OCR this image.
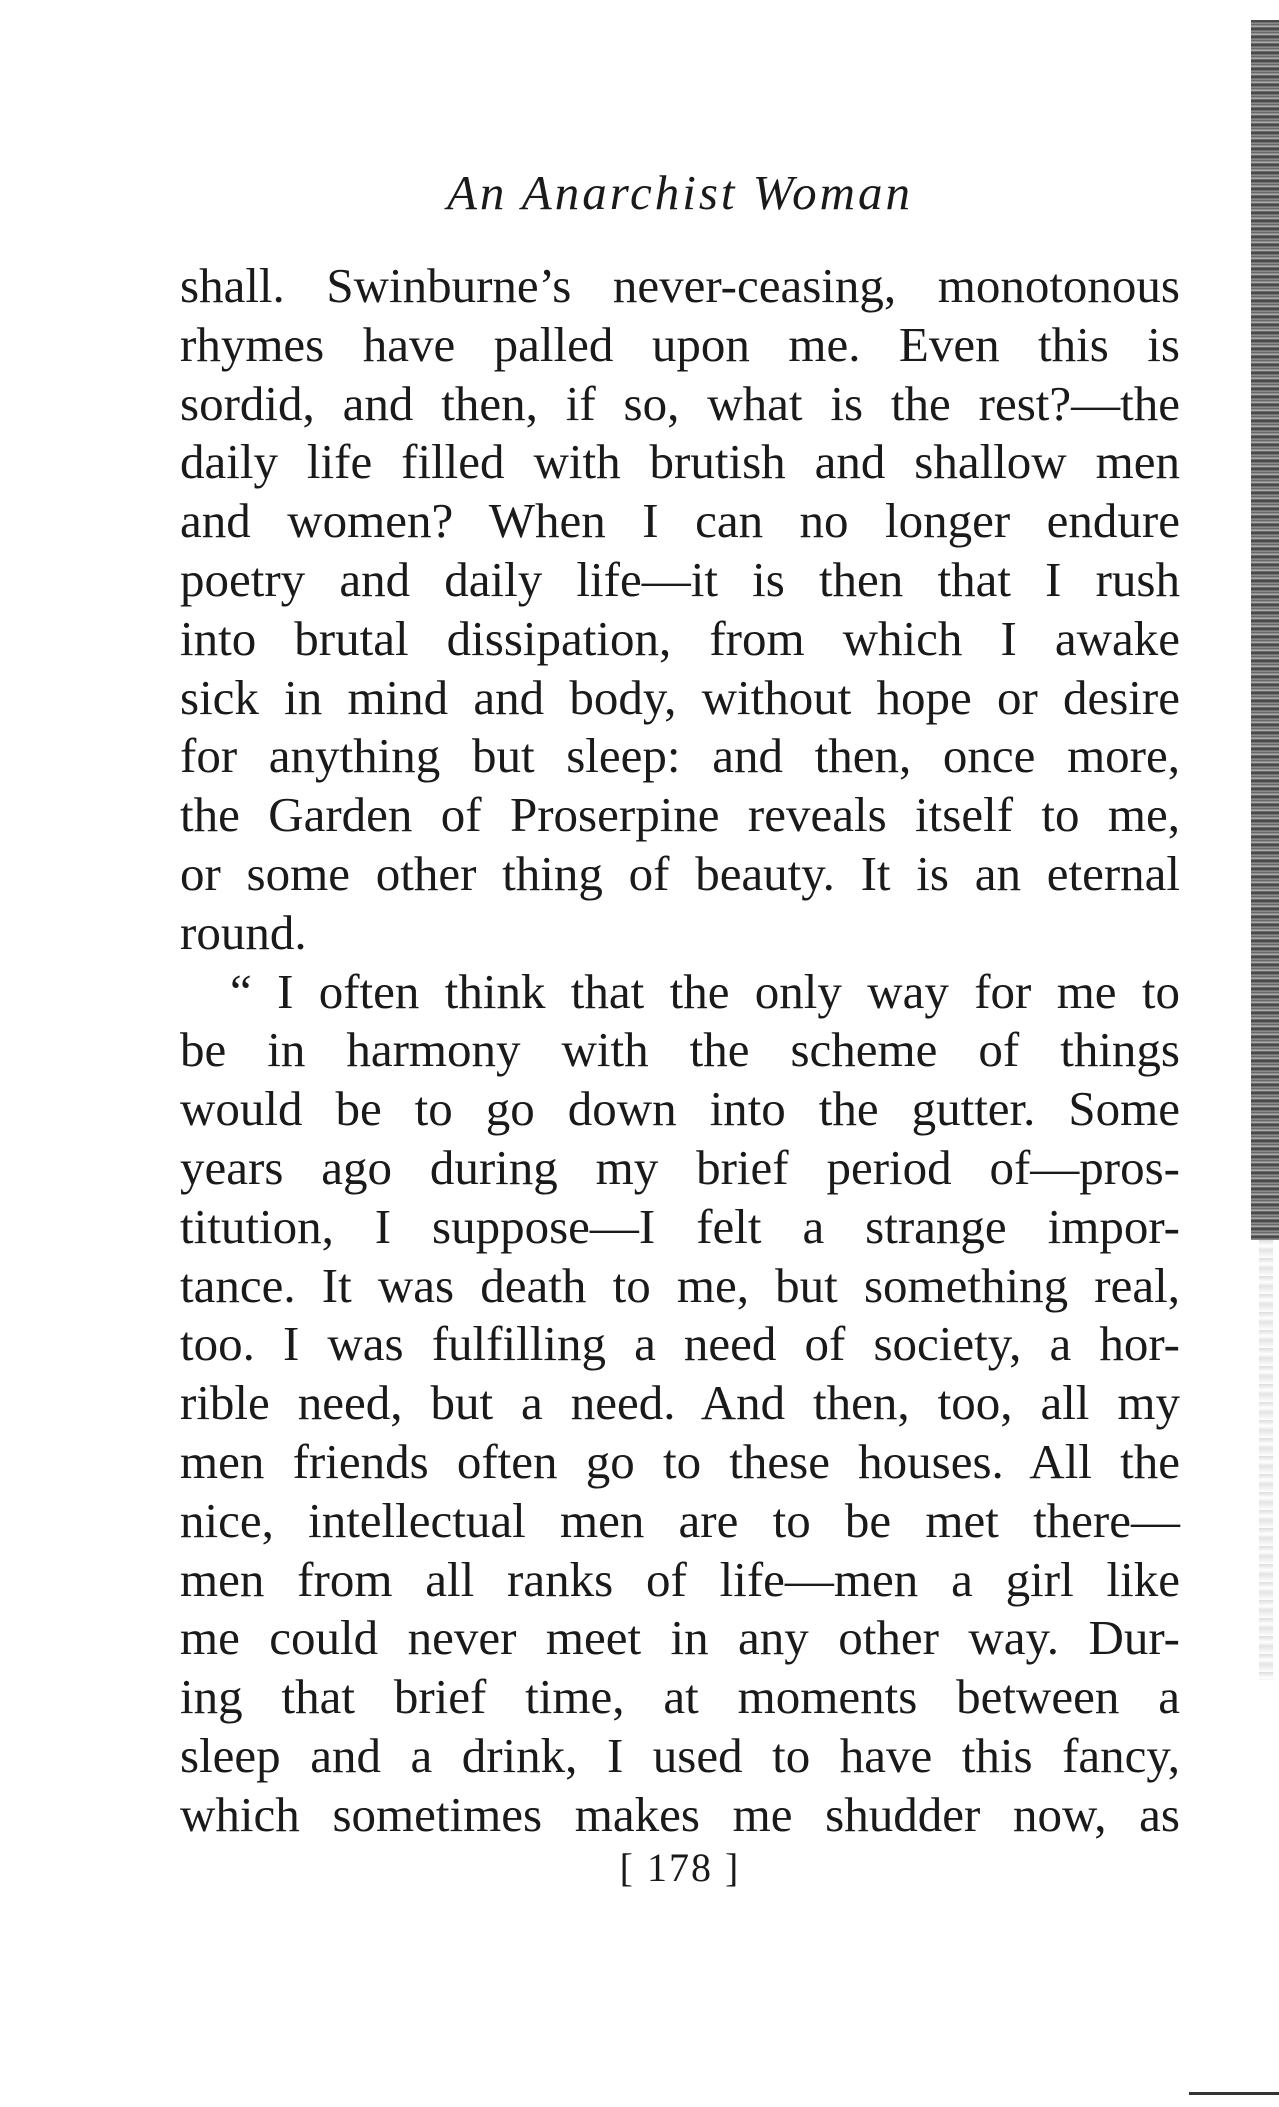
An Anarchist Woman
shall. Swinburne’s never-ceasing, monotonous
rhymes have palled upon me. Even this is
sordid, and then, if so, what is the rest?—the
daily life filled with brutish and shallow men
and women? When I can no longer endure
poetry and daily life—it is then that I rush
into brutal dissipation, from which I awake
sick in mind and body, without hope or desire
for anything but sleep: and then, once more,
the Garden of Proserpine reveals itself to me,
or some other thing of beauty. It is an eternal
round.
“ I often think that the only way for me to
be in harmony with the scheme of things
would be to go down into the gutter. Some
years ago during my brief period of—pros-
titution, I suppose—I felt a strange impor-
tance. It was death to me, but something real,
too. I was fulfilling a need of society, a hor-
rible need, but a need. And then, too, all my
men friends often go to these houses. All the
nice, intellectual men are to be met there—
men from all ranks of life—men a girl like
me could never meet in any other way. Dur-
ing that brief time, at moments between a
sleep and a drink, I used to have this fancy,
which sometimes makes me shudder now, as
[ 178 ]
